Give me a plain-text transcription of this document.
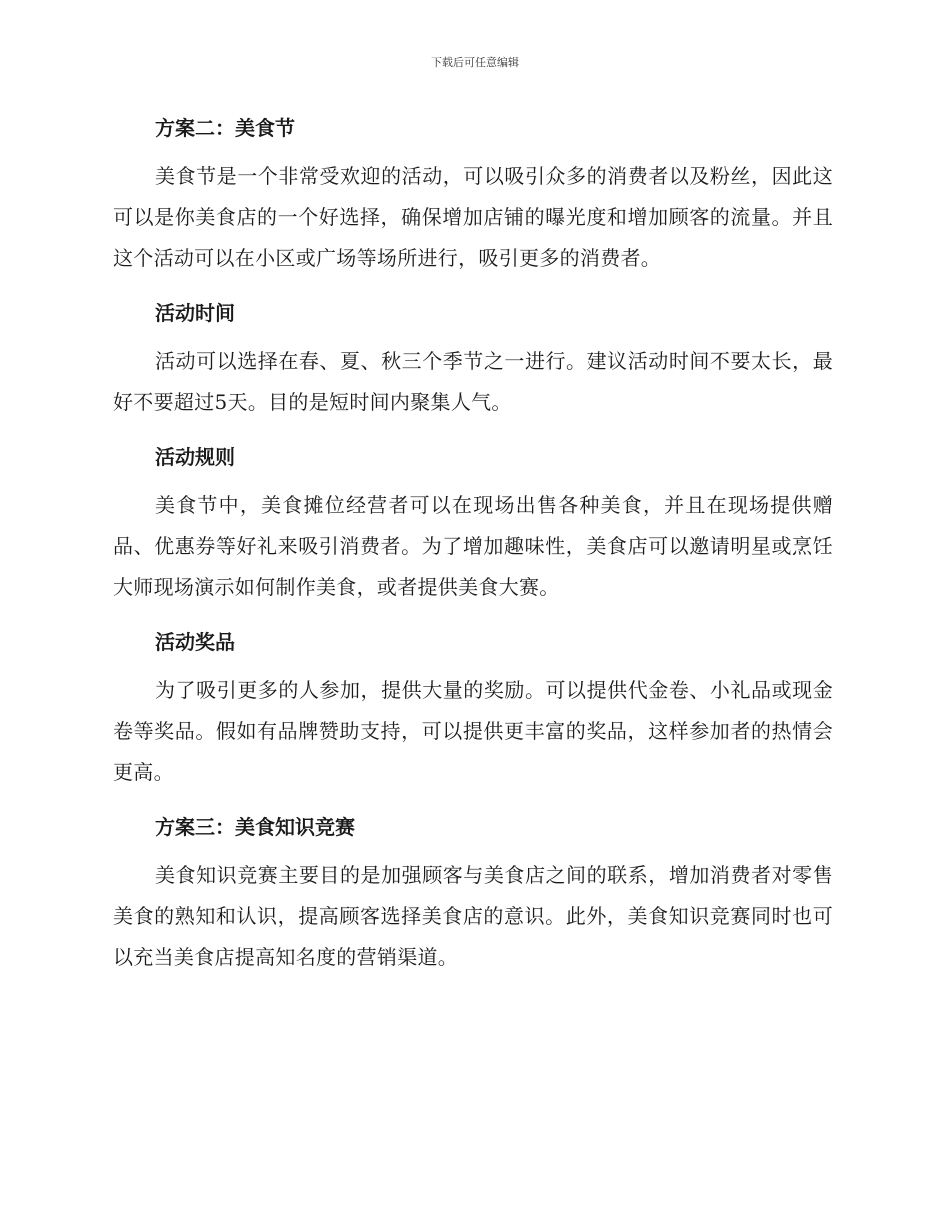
下载后可任意编辑
方案二：美食节

美食节是一个非常受欢迎的活动，可以吸引众多的消费者以及粉丝，因此这可以是你美食店的一个好选择，确保增加店铺的曝光度和增加顾客的流量。并且这个活动可以在小区或广场等场所进行，吸引更多的消费者。

活动时间

活动可以选择在春、夏、秋三个季节之一进行。建议活动时间不要太长，最好不要超过5天。目的是短时间内聚集人气。

活动规则

美食节中，美食摊位经营者可以在现场出售各种美食，并且在现场提供赠品、优惠券等好礼来吸引消费者。为了增加趣味性，美食店可以邀请明星或烹饪大师现场演示如何制作美食，或者提供美食大赛。

活动奖品

为了吸引更多的人参加，提供大量的奖励。可以提供代金卷、小礼品或现金卷等奖品。假如有品牌赞助支持，可以提供更丰富的奖品，这样参加者的热情会更高。

方案三：美食知识竞赛

美食知识竞赛主要目的是加强顾客与美食店之间的联系，增加消费者对零售美食的熟知和认识，提高顾客选择美食店的意识。此外，美食知识竞赛同时也可以充当美食店提高知名度的营销渠道。
